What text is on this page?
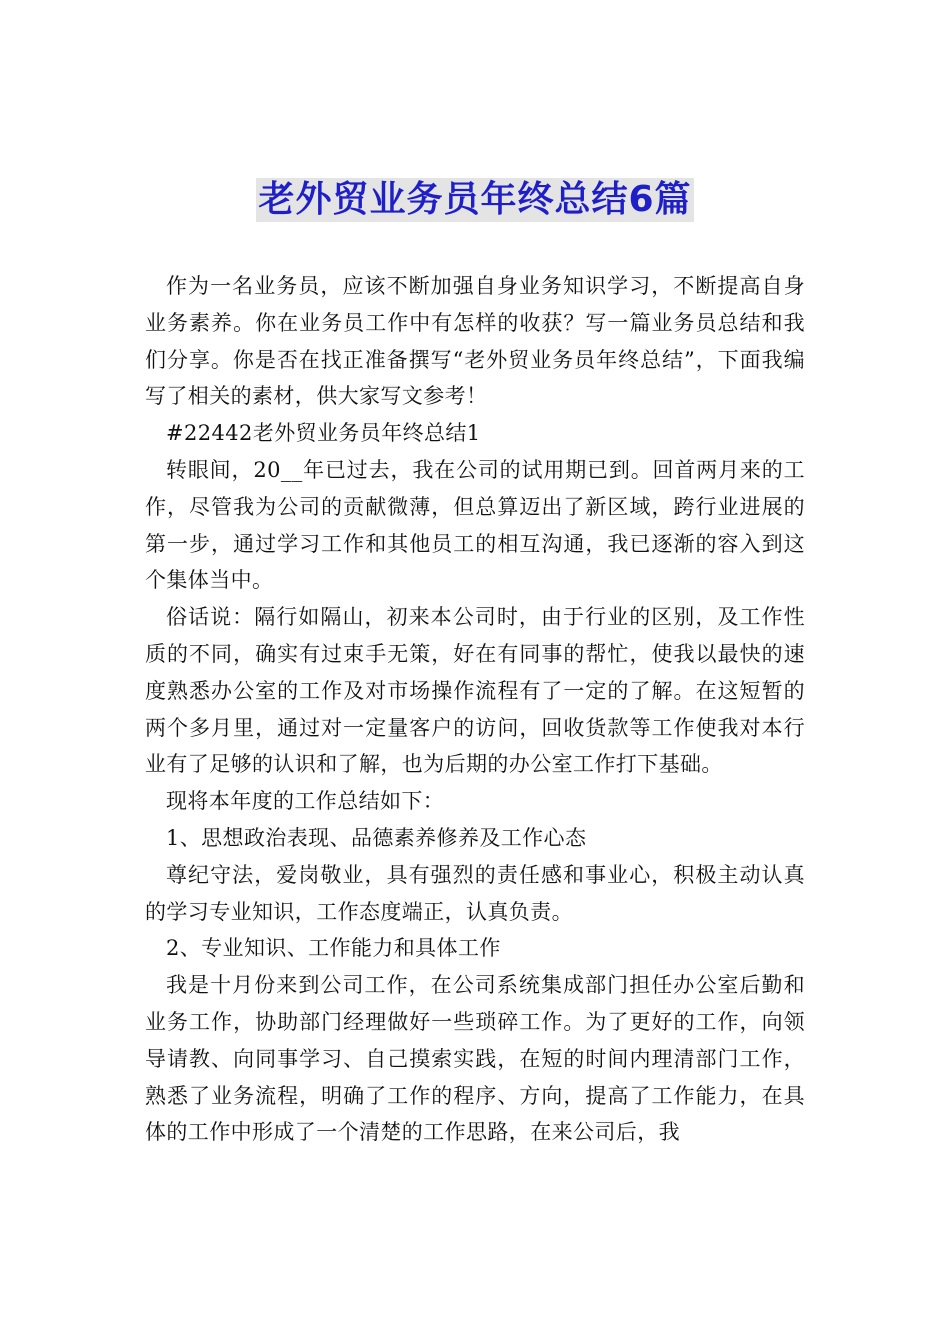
老外贸业务员年终总结6篇

作为一名业务员，应该不断加强自身业务知识学习，不断提高自身业务素养。你在业务员工作中有怎样的收获？写一篇业务员总结和我们分享。你是否在找正准备撰写“老外贸业务员年终总结”，下面我编写了相关的素材，供大家写文参考！

#22442老外贸业务员年终总结1

转眼间，20__年已过去，我在公司的试用期已到。回首两月来的工作，尽管我为公司的贡献微薄，但总算迈出了新区域，跨行业进展的第一步，通过学习工作和其他员工的相互沟通，我已逐渐的容入到这个集体当中。

俗话说：隔行如隔山，初来本公司时，由于行业的区别，及工作性质的不同，确实有过束手无策，好在有同事的帮忙，使我以最快的速度熟悉办公室的工作及对市场操作流程有了一定的了解。在这短暂的两个多月里，通过对一定量客户的访问，回收货款等工作使我对本行业有了足够的认识和了解，也为后期的办公室工作打下基础。

现将本年度的工作总结如下：

1、思想政治表现、品德素养修养及工作心态

尊纪守法，爱岗敬业，具有强烈的责任感和事业心，积极主动认真的学习专业知识，工作态度端正，认真负责。

2、专业知识、工作能力和具体工作

我是十月份来到公司工作，在公司系统集成部门担任办公室后勤和业务工作，协助部门经理做好一些琐碎工作。为了更好的工作，向领导请教、向同事学习、自己摸索实践，在短的时间内理清部门工作，熟悉了业务流程，明确了工作的程序、方向，提高了工作能力，在具体的工作中形成了一个清楚的工作思路，在来公司后，我
